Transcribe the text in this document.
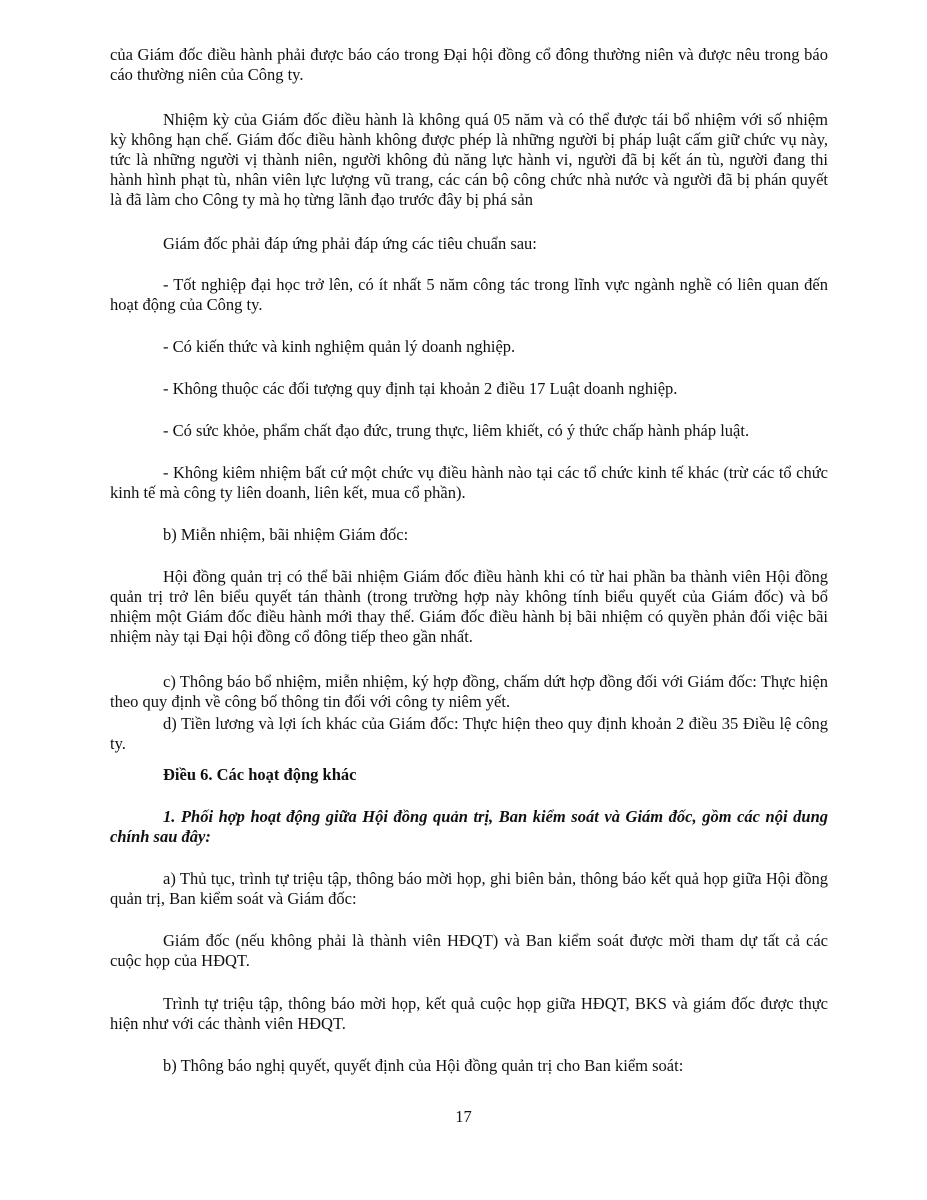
của Giám đốc điều hành phải được báo cáo trong Đại hội đồng cổ đông thường niên và được nêu trong báo cáo thường niên của Công ty.

Nhiệm kỳ của Giám đốc điều hành là không quá 05 năm và có thể được tái bổ nhiệm với số nhiệm kỳ không hạn chế. Giám đốc điều hành không được phép là những người bị pháp luật cấm giữ chức vụ này, tức là những người vị thành niên, người không đủ năng lực hành vi, người đã bị kết án tù, người đang thi hành hình phạt tù, nhân viên lực lượng vũ trang, các cán bộ công chức nhà nước và người đã bị phán quyết là đã làm cho Công ty mà họ từng lãnh đạo trước đây bị phá sản

Giám đốc phải đáp ứng phải đáp ứng các tiêu chuẩn sau:

- Tốt nghiệp đại học trở lên, có ít nhất 5 năm công tác trong lĩnh vực ngành nghề có liên quan đến hoạt động của Công ty.

- Có kiến thức và kinh nghiệm quản lý doanh nghiệp.

- Không thuộc các đối tượng quy định tại khoản 2 điều 17 Luật doanh nghiệp.

- Có sức khỏe, phẩm chất đạo đức, trung thực, liêm khiết, có ý thức chấp hành pháp luật.

- Không kiêm nhiệm bất cứ một chức vụ điều hành nào tại các tổ chức kinh tế khác (trừ các tổ chức kinh tế mà công ty liên doanh, liên kết, mua cổ phần).

b) Miễn nhiệm, bãi nhiệm Giám đốc:

Hội đồng quản trị có thể bãi nhiệm Giám đốc điều hành khi có từ hai phần ba thành viên Hội đồng quản trị trở lên biểu quyết tán thành (trong trường hợp này không tính biểu quyết của Giám đốc) và bổ nhiệm một Giám đốc điều hành mới thay thế. Giám đốc điều hành bị bãi nhiệm có quyền phản đối việc bãi nhiệm này tại Đại hội đồng cổ đông tiếp theo gần nhất.

c) Thông báo bổ nhiệm, miễn nhiệm, ký hợp đồng, chấm dứt hợp đồng đối với Giám đốc: Thực hiện theo quy định về công bố thông tin đối với công ty niêm yết.

d) Tiền lương và lợi ích khác của Giám đốc: Thực hiện theo quy định khoản 2 điều 35 Điều lệ công ty.

Điều 6. Các hoạt động khác

1. Phối hợp hoạt động giữa Hội đồng quản trị, Ban kiểm soát và Giám đốc, gồm các nội dung chính sau đây:

a) Thủ tục, trình tự triệu tập, thông báo mời họp, ghi biên bản, thông báo kết quả họp giữa Hội đồng quản trị, Ban kiểm soát và Giám đốc:

Giám đốc (nếu không phải là thành viên HĐQT) và Ban kiểm soát được mời tham dự tất cả các cuộc họp của HĐQT.

Trình tự triệu tập, thông báo mời họp, kết quả cuộc họp giữa HĐQT, BKS và giám đốc được thực hiện như với các thành viên HĐQT.

b) Thông báo nghị quyết, quyết định của Hội đồng quản trị cho Ban kiểm soát:

17
